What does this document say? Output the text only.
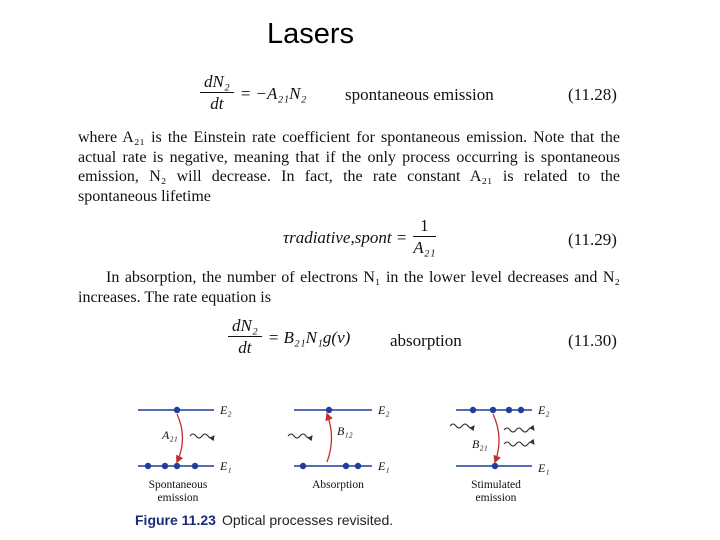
Lasers
$\frac{\text{dN₂}}{dt} = -A_{21}N_2$ spontaneous emission	(11.28)

where A₂₁ is the Einstein rate coefficient for spontaneous emission. Note that the actual rate is negative, meaning that if the only process occurring is spontaneous emission, N₂ will decrease. In fact, the rate constant A₂₁ is related to the spontaneous lifetime

τradiative,spont = $\frac{1}{\text{A₂₁}}$	(11.29)

In absorption, the number of electrons N₁ in the lower level decreases and N₂ increases. The rate equation is

$\frac{\text{dN₂}}{dt} = B_{21}N_1g(\nu)$ absorption	(11.30)
E₂
E₁
A₂₁
Spontaneous
emission
E₂
E₁
B₁₂
Absorption
E₂
E₁
B₂₁
Stimulated
emission
Figure 11.23 Optical processes revisited.
